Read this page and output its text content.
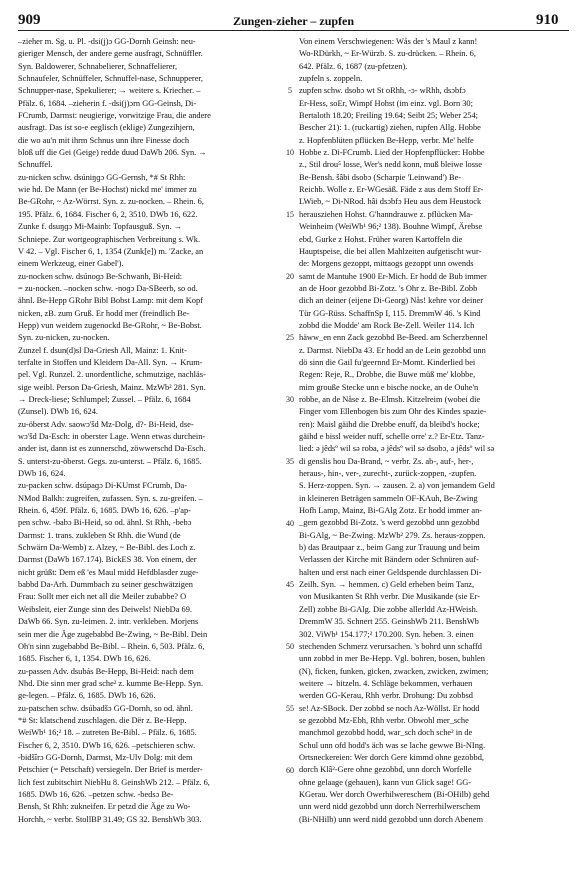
909	Zungen-zieher – zupfen	910
–zieher m. Sg. u. Pl. -dsi(j)ɔ GG-Dornh Geinsh: neu-
gieriger Mensch, der andere gerne ausfragt, Schnüffler.
Syn. Baldowerer, Schnabelierer, Schnaffelierer,
Schnaufeler, Schnüffeler, Schnuffel-nase, Schnupperer,
Schnupper-nase, Spekulierer; → weitere s. Kriecher. –
Pfälz. 6, 1684. –zieherin f. -dsi(j)ɔrn GG-Geinsh, Di-
FCrumb, Darmst: neugierige, vorwitzige Frau, die andere
ausfragt. Das ist so-e eeglisch (eklige) Zungezihjern,
die wo au'n mit ihrm Schnus unn ihre Finesse doch
bloß uff die Gei (Geige) redde duud DaWb 206. Syn. →
Schnuffel.
zu-nicken schw. dsúniŋɡɔ GG-Gernsh, *# St Rhh:
wie hd. De Mann (er Be-Hochst) nickd me' immer zu
Be-GRohr, ~ Az-Wörrst. Syn. z. zu-nocken. – Rhein. 6,
195. Pfälz. 6, 1684. Fischer 6, 2, 3510. DWb 16, 622.
Zunke f. dsuŋɡɔ Mi-Mainb: Topfausguß. Syn. →
Schniepe. Zur wortgeographischen Verbreitung s. Wk.
V 42. – Vgl. Fischer 6, 1, 1354 (Zunk[e]) m. 'Zacke, an
einem Werkzeug, einer Gabel').
zu-nocken schw. dsúnoɡɔ Be-Schwanh, Bi-Heid:
= zu-nocken. –nocken schw. -noɡɔ Da-SBeerb, so od.
ähnl. Be-Hepp GRohr Bibl Bobst Lamp: mit dem Kopf
nicken, zB. zum Gruß. Er hodd mer (freindlich Be-
Hepp) vun weidem zugenockd Be-GRohr, ~ Be-Bobst.
Syn. zu-nicken, zu-nocken.
Zunzel f. dsun(d)sl Da-Griesh All, Mainz: 1. Knit-
terfalte in Stoffen und Kleidern Da-All. Syn. → Krum-
pel. Vgl. Runzel. 2. unordentliche, schmutzige, nachläs-
sige weibl. Person Da-Griesh, Mainz. MzWb² 281. Syn.
→ Dreck-liese; Schlumpel; Zussel. – Pfälz. 6, 1684
(Zunsel). DWb 16, 624.
zu-öberst Adv. saowɔ'šd Mz-Dolg, d?- Bi-Heid, dse-
wɔ'šd Da-Esch: in oberster Lage. Wenn etwas durchein-
ander ist, dann ist es zunnerschd, zöwwerschd Da-Esch.
S. unterst-zu-öberst. Gegs. zu-unterst. – Pfälz. 6, 1685.
DWb 16, 624.
zu-packen schw. dsúpaɡɔ Di-KUmst FCrumb, Da-
NMod Balkh: zugreifen, zufassen. Syn. s. zu-greifen. –
Rhein. 6, 459f. Pfälz. 6, 1685. DWb 16, 626. –p'ap-
pen schw. -babɔ Bi-Heid, so od. ähnl. St Rhh, -bebɔ
Darmst: 1. trans. zukleben St Rhh. die Wund (de
Schwärn Da-Wemb) z. Alzey, ~ Be-Bibl. des Loch z.
Darmst (DaWb 167.174). BickES 38. Von einem, der
nicht grüßt: Dem eß 'es Maul midd Hefdblasder zuge-
babbd Da-Arh. Dummbach zu seiner geschwätzigen
Frau: Sollt mer eich net all die Meiler zubabbe? O
Weibsleit, eier Zunge sinn des Deiwels! NiebDa 69.
DaWb 66. Syn. zu-leimen. 2. intr. verkleben. Morjens
sein mer die Äge zugebabbd Be-Zwing, ~ Be-Bibl. Dein
Oh'n sinn zugebabbd Be-Bibl. – Rhein. 6, 503. Pfälz. 6,
1685. Fischer 6, 1, 1354. DWb 16, 626.
zu-passen Adv. dsubás Be-Hepp, Bi-Heid: nach dem
Nhd. Die sinn mer grad sche² z. kumme Be-Hepp. Syn.
ge-legen. – Pfälz. 6, 1685. DWb 16, 626.
zu-patschen schw. dsúbadšɔ GG-Dornh, so od. ähnl.
*# St: klatschend zuschlagen. die Dër z. Be-Hepp.
WeiWb¹ 16;² 18. – zutreten Be-Bibl. – Pfälz. 6, 1685.
Fischer 6, 2, 3510. DWb 16, 626. –petschieren schw.
-bidšîrɔ GG-Dornh, Darmst, Mz-Ulv Dolg: mit dem
Petschier (= Petschaft) versiegeln. Der Brief is merder-
lich fest zubitschirt NiebHu 8. GeinshWb 212. – Pfälz. 6,
1685. DWb 16, 626. –petzen schw. -bedsɔ Be-
Bensh, St Rhh: zukneifen. Er petzd die Äge zu Wo-
Horchh, ~ verbr. StollBP 31.49; GS 32. BenshWb 303.
5
10
15
20
25
30
35
40
45
50
55
60
Von einem Verschwiegenen: Wås der 's Maul z kann!
Wo-RDürkh, ~ Er-Würzb. S. zu-drücken. – Rhein. 6,
642. Pfälz. 6, 1687 (zu-pfetzen).
zupfeln s. zoppeln.
zupfen schw. dsobɔ wt St oRhh, -ɔ- wRhh, dsɔbfɔ
Er-Hess, soEr, Wimpf Hohst (im einz. vgl. Born 30;
Bertaloth 18.20; Freiling 19.64; Seibt 25; Weber 254;
Bescher 21): 1. (ruckartig) ziehen, rupfen Allg. Hobbe
z. Hopfenblüten pflücken Be-Hepp, verbr. Me' helfe
Hobbe z. Di-FCrumb. Lied der Hopfenpflücker: Hobbe
z., Stil drou⁵ losse, Wer's nedd konn, muß bleiwe losse
Be-Bensh. šâbi dsobɔ (Scharpie 'Leinwand') Be-
Reichb. Wolle z. Er-WGesäß. Fäde z aus dem Stoff Er-
LWieb, ~ Di-NRod. hâi dsɔbfɔ Heu aus dem Heustock
herausziehen Hohst. G'hanndrauwe z. pflücken Ma-
Weinheim (WeiWb¹ 96;² 138). Bouhne Wimpf, Ärebse
ebd, Gurke z Hohst. Früher waren Kartoffeln die
Hauptspeise, die bei allen Mahlzeiten aufgetischt wur-
de: Morgens gezoppt, mittaogs gezoppt unn owends
samt de Mantuhe 1900 Er-Mich. Er hodd de Bub immer
an de Hoor gezobbd Bi-Zotz. 's Ohr z. Be-Bibl. Zobb
dich an deiner (eijene Di-Georg) Nås! kehre vor deiner
Tür GG-Rüss. SchaffnSp I, 115. DremmW 46. 's Kind
zobbd die Modde' am Rock Be-Zell. Weiler 114. Ich
häww_en enn Zack gezobbd Be-Beed. am Scherzbennel
z. Darmst. NiebDa 43. Er hodd an de Lein gezobbd unn
dö sinn die Gail fu'geernnd Er-Momt. Kinderlied bei
Regen: Reje, R., Drobbe, die Buwe müß me' klobbe,
mim grouße Stecke unn e bische nocke, an de Ouhe'n
robbe, an de Nåse z. Be-Elmsh. Kitzelreim (wobei die
Finger vom Ellenbogen bis zum Ohr des Kindes spazie-
ren): Maisl gäihd die Drebbe enuff, da bleibd's hocke;
gäihd e bissl weider nuff, schelle orre' z.? Er-Etz. Tanz-
lied: ə jêdsº wil sə roba, ə jêdsº wil sə dsobɔ, ə jêdsº wil sə
di genslis hou Da-Brand, ~ verbr. Zs. ab-, auf-, her-,
heraus-, hin-, ver-, zurecht-, zurück-zoppen, -zupfen.
S. Herz-zoppen. Syn. → zausen. 2. a) von jemandem Geld
in kleineren Beträgen sammeln OF-KAuh, Be-Zwing
Hofh Lamp, Mainz, Bi-GAlg Zotz. Er hodd immer an-
_gem gezobbd Bi-Zotz. 's werd gezobbd unn gezobbd
Bi-GAlg, ~ Be-Zwing. MzWb² 279. Zs. heraus-zoppen.
b) das Brautpaar z., beim Gang zur Trauung und beim
Verlassen der Kirche mit Bändern oder Schnüren auf-
halten und erst nach einer Geldspende durchlassen Di-
Zeilh. Syn. → hemmen. c) Geld erheben beim Tanz,
von Musikanten St Rhh verbr. Die Musikande (sie Er-
Zell) zobbe Bi-GAlg. Die zobbe allerldd Az-HWeish.
DremmW 35. Schnert 255. GeinshWb 211. BenshWb
302. ViWb¹ 154.177;² 170.200. Syn. heben. 3. einen
stechenden Schmerz verursachen. 's bohrd unn schaffd
unn zobbd in mer Be-Hepp. Vgl. bohren, bosen, buhlen
(N), ficken, funken, gicken, zwacken, zwicken, zwimen;
weitere → bitzeln. 4. Schläge bekommen, verhauen
werden GG-Kerau, Rhh verbr. Drohung: Du zobbsd
se! Az-SBock. Der zobbd se noch Az-Wöllst. Er hodd
se gezobbd Mz-Ebh, Rhh verbr. Obwohl mer_sche
manchmol gezobbd hodd, war_sch doch sche² in de
Schul unn ofd hodd's äch was se lache gewwe Bi-NIng.
Ortsneckereien: Wer dorch Gere kimmd ohne gezobbd,
dorch Klâ²-Gere ohne gezobbd, unn dorch Worfelle
ohne gelaage (gehauen), kann vun Glick sage! GG-
KGerau. Wer dorch Owerhilwereschem (Bi-OHilb) gehd
unn werd nidd gezobbd unn dorch Nerrerhilwerschem
(Bi-NHilb) unn werd nidd gezobbd unn dorch Abenem
